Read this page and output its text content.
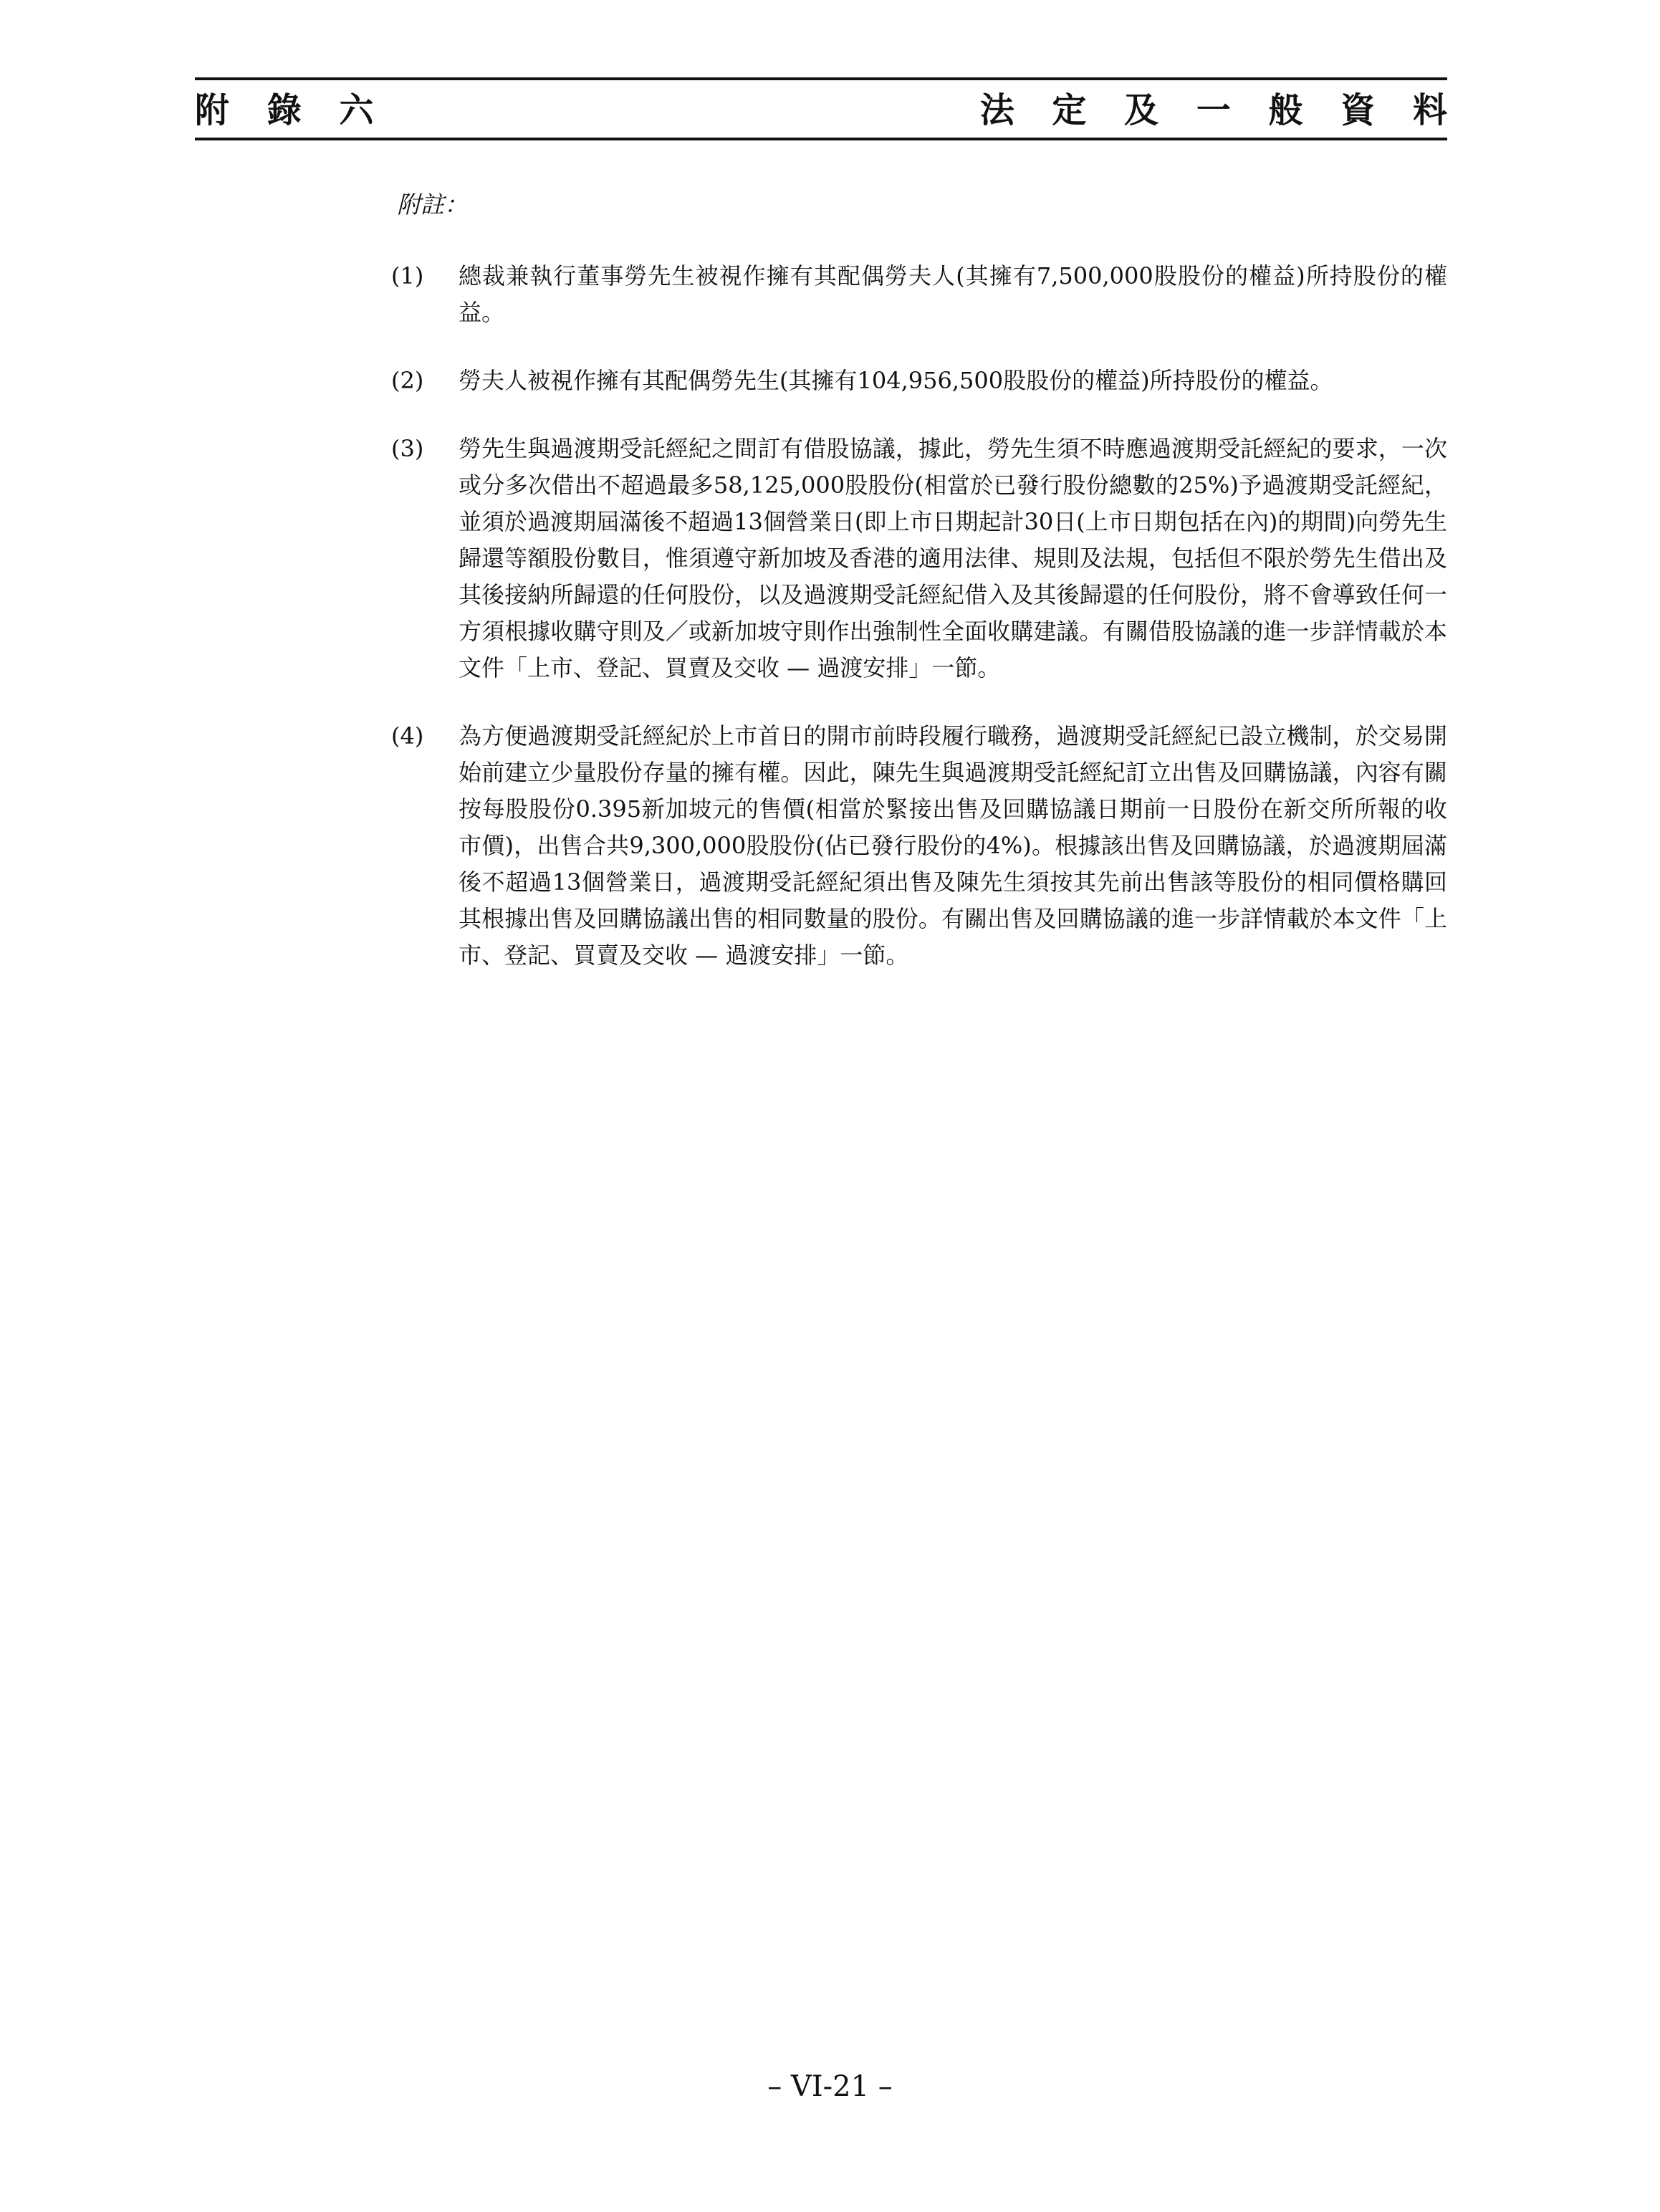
附 錄 六	法 定 及 一 般 資 料
附註：
(1) 總裁兼執行董事勞先生被視作擁有其配偶勞夫人(其擁有7,500,000股股份的權益)所持股份的權益。
(2) 勞夫人被視作擁有其配偶勞先生(其擁有104,956,500股股份的權益)所持股份的權益。
(3) 勞先生與過渡期受託經紀之間訂有借股協議，據此，勞先生須不時應過渡期受託經紀的要求，一次或分多次借出不超過最多58,125,000股股份(相當於已發行股份總數的25%)予過渡期受託經紀，並須於過渡期屆滿後不超過13個營業日(即上市日期起計30日(上市日期包括在內)的期間)向勞先生歸還等額股份數目，惟須遵守新加坡及香港的適用法律、規則及法規，包括但不限於勞先生借出及其後接納所歸還的任何股份，以及過渡期受託經紀借入及其後歸還的任何股份，將不會導致任何一方須根據收購守則及／或新加坡守則作出強制性全面收購建議。有關借股協議的進一步詳情載於本文件「上市、登記、買賣及交收 — 過渡安排」一節。
(4) 為方便過渡期受託經紀於上市首日的開市前時段履行職務，過渡期受託經紀已設立機制，於交易開始前建立少量股份存量的擁有權。因此，陳先生與過渡期受託經紀訂立出售及回購協議，內容有關按每股股份0.395新加坡元的售價(相當於緊接出售及回購協議日期前一日股份在新交所所報的收市價)，出售合共9,300,000股股份(佔已發行股份的4%)。根據該出售及回購協議，於過渡期屆滿後不超過13個營業日，過渡期受託經紀須出售及陳先生須按其先前出售該等股份的相同價格購回其根據出售及回購協議出售的相同數量的股份。有關出售及回購協議的進一步詳情載於本文件「上市、登記、買賣及交收 — 過渡安排」一節。
– VI-21 –
